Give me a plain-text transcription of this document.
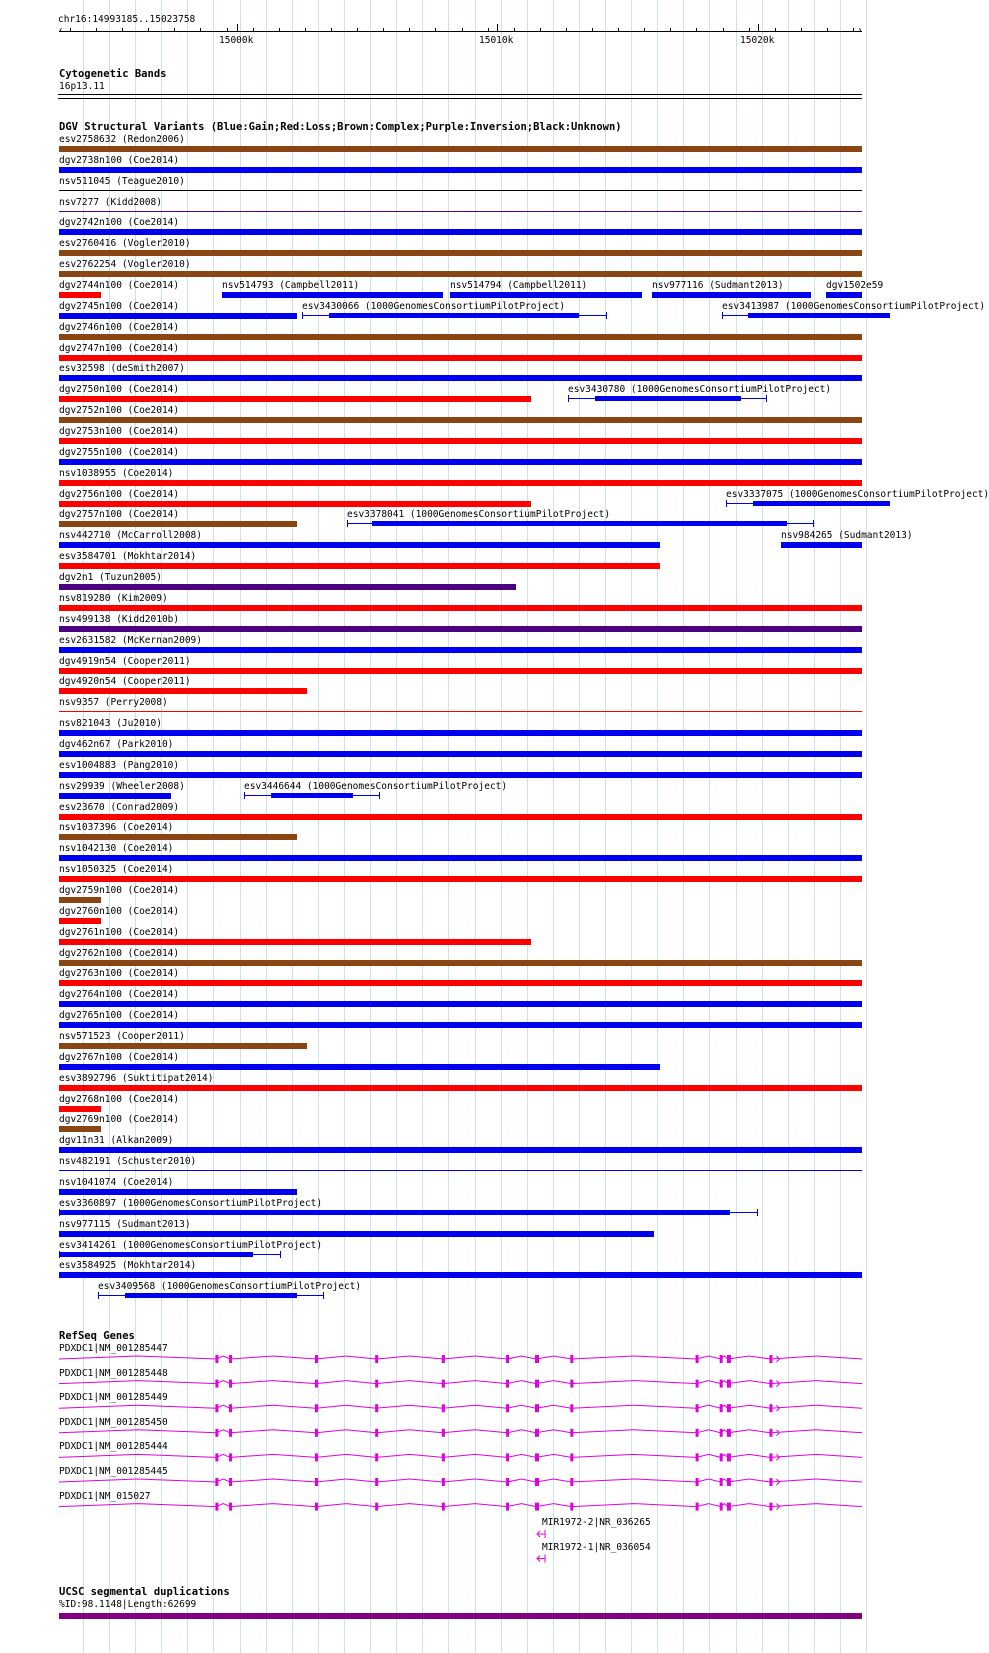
chr16:14993185..15023758
‹	›
15000k	15010k	15020k
Cytogenetic Bands
16p13.11
DGV Structural Variants (Blue:Gain;Red:Loss;Brown:Complex;Purple:Inversion;Black:Unknown)
esv2758632 (Redon2006)
dgv2738n100 (Coe2014)
nsv511045 (Teague2010)
nsv7277 (Kidd2008)
dgv2742n100 (Coe2014)
esv2760416 (Vogler2010)
esv2762254 (Vogler2010)
dgv2744n100 (Coe2014)	nsv514793 (Campbell2011)	nsv514794 (Campbell2011)	nsv977116 (Sudmant2013)	dgv1502e59
dgv2745n100 (Coe2014)	esv3430066 (1000GenomesConsortiumPilotProject)	esv3413987 (1000GenomesConsortiumPilotProject)
dgv2746n100 (Coe2014)
dgv2747n100 (Coe2014)
esv32598 (deSmith2007)
dgv2750n100 (Coe2014)	esv3430780 (1000GenomesConsortiumPilotProject)
dgv2752n100 (Coe2014)
dgv2753n100 (Coe2014)
dgv2755n100 (Coe2014)
nsv1038955 (Coe2014)
dgv2756n100 (Coe2014)	esv3337075 (1000GenomesConsortiumPilotProject)
dgv2757n100 (Coe2014)	esv3378041 (1000GenomesConsortiumPilotProject)
nsv442710 (McCarroll2008)	nsv984265 (Sudmant2013)
esv3584701 (Mokhtar2014)
dgv2n1 (Tuzun2005)
nsv819280 (Kim2009)
nsv499138 (Kidd2010b)
esv2631582 (McKernan2009)
dgv4919n54 (Cooper2011)
dgv4920n54 (Cooper2011)
nsv9357 (Perry2008)
nsv821043 (Ju2010)
dgv462n67 (Park2010)
esv1004883 (Pang2010)
nsv29939 (Wheeler2008)	esv3446644 (1000GenomesConsortiumPilotProject)
esv23670 (Conrad2009)
nsv1037396 (Coe2014)
nsv1042130 (Coe2014)
nsv1050325 (Coe2014)
dgv2759n100 (Coe2014)
dgv2760n100 (Coe2014)
dgv2761n100 (Coe2014)
dgv2762n100 (Coe2014)
dgv2763n100 (Coe2014)
dgv2764n100 (Coe2014)
dgv2765n100 (Coe2014)
nsv571523 (Cooper2011)
dgv2767n100 (Coe2014)
esv3892796 (Suktitipat2014)
dgv2768n100 (Coe2014)
dgv2769n100 (Coe2014)
dgv11n31 (Alkan2009)
nsv482191 (Schuster2010)
nsv1041074 (Coe2014)
esv3360897 (1000GenomesConsortiumPilotProject)
nsv977115 (Sudmant2013)
esv3414261 (1000GenomesConsortiumPilotProject)
esv3584925 (Mokhtar2014)
esv3409568 (1000GenomesConsortiumPilotProject)
RefSeq Genes
PDXDC1|NM_001285447
PDXDC1|NM_001285448
PDXDC1|NM_001285449
PDXDC1|NM_001285450
PDXDC1|NM_001285444
PDXDC1|NM_001285445
PDXDC1|NM_015027
MIR1972-2|NR_036265
MIR1972-1|NR_036054
UCSC segmental duplications
%ID:98.1148|Length:62699
